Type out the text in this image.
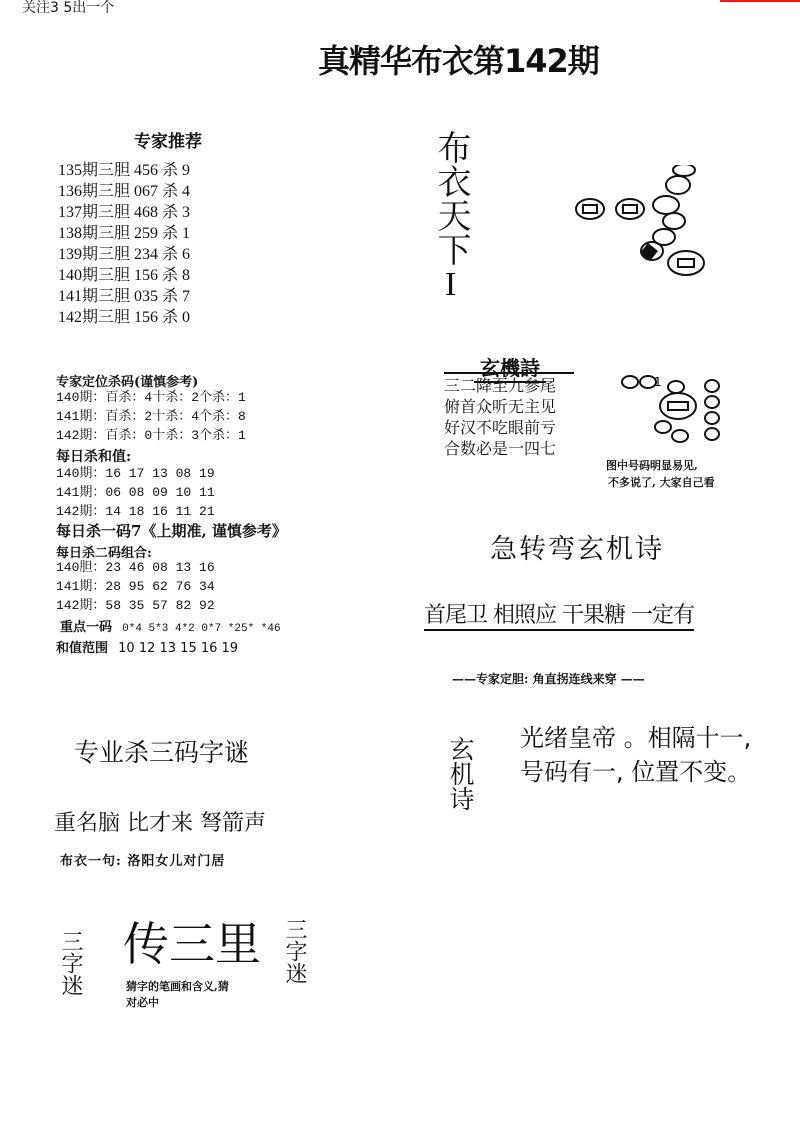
关注3 5出一个
真精华布衣第142期
专家推荐
135期三胆 456 杀 9
136期三胆 067 杀 4
137期三胆 468 杀 3
138期三胆 259 杀 1
139期三胆 234 杀 6
140期三胆 156 杀 8
141期三胆 035 杀 7
142期三胆 156 杀 0
专家定位杀码(谨慎参考)
140期：百杀：4十杀：2个杀：1
141期：百杀：2十杀：4个杀：8
142期：百杀：0十杀：3个杀：1
每日杀和值:
140期：16 17 13 08 19
141期：06 08 09 10 11
142期：14 18 16 11 21
每日杀一码7《上期准, 谨慎参考》
每日杀二码组合:
140胆：23 46 08 13 16
141期：28 95 62 76 34
142期：58 35 57 82 92
重点一码 0*4 5*3 4*2 0*7 *25* *46
和值范围 10 12 13 15 16 19
专业杀三码字谜
重名脑 比才来 弩箭声
布衣一句: 洛阳女儿对门居
三字迷 传三里 三字迷
猜字的笔画和含义,猜
对必中
布衣天下I
玄機詩
三二降至九参尾
俯首众听无主见
好汉不吃眼前亏
合数必是一四七
1
图中号码明显易见,
不多说了, 大家自己看
急转弯玄机诗
首尾卫 相照应 干果糖 一定有
——专家定胆: 角直拐连线来穿 ——
玄机诗 光绪皇帝 。相隔十一,
号码有一, 位置不变。
